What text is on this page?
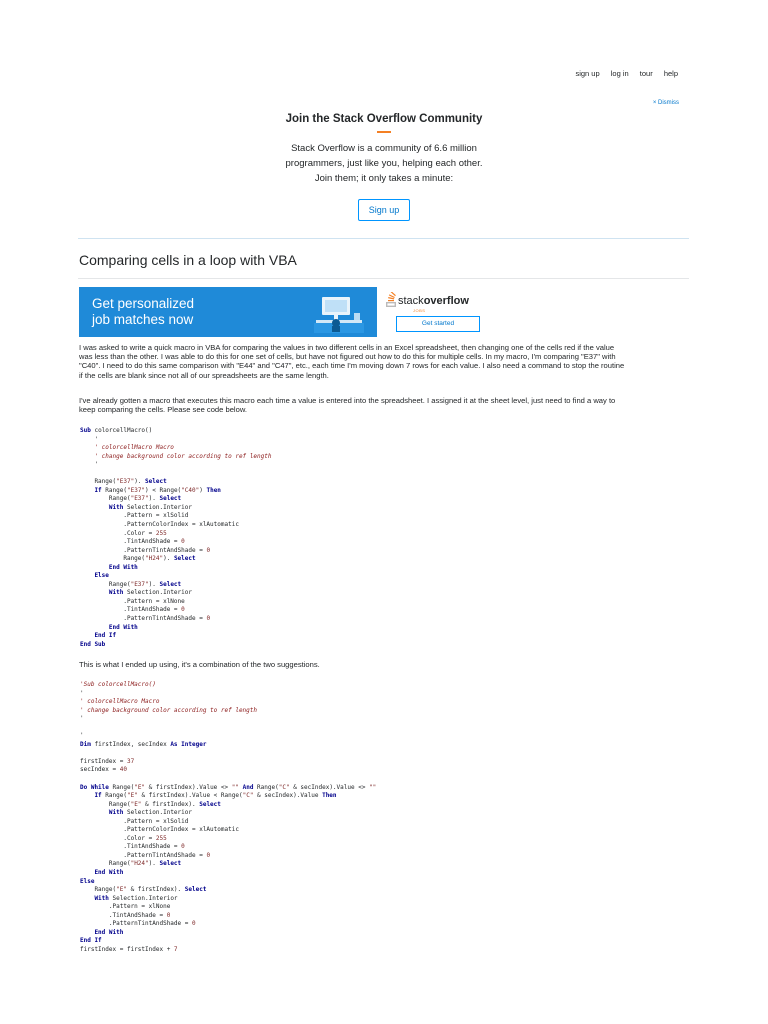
sign up log in tour help
× Dismiss
Join the Stack Overflow Community

Stack Overflow is a community of 6.6 million
programmers, just like you, helping each other.
Join them; it only takes a minute:

Sign up
Comparing cells in a loop with VBA
Get personalized
job matches now
stackoverflow
JOBS
Get started

I was asked to write a quick macro in VBA for comparing the values in two different cells in an Excel spreadsheet, then changing one of the cells red if the value was less than the other. I was able to do this for one set of cells, but have not figured out how to do this for multiple cells. In my macro, I'm comparing "E37" with "C40". I need to do this same comparison with "E44" and "C47", etc., each time I'm moving down 7 rows for each value. I also need a command to stop the routine if the cells are blank since not all of our spreadsheets are the same length.

I've already gotten a macro that executes this macro each time a value is entered into the spreadsheet. I assigned it at the sheet level, just need to find a way to keep comparing the cells. Please see code below.

Sub colorcellMacro()
'
' colorcellMacro Macro
' change background color according to ref length
'

Range("E37"). Select
If Range("E37") < Range("C40") Then
Range("E37"). Select
With Selection.Interior
.Pattern = xlSolid
.PatternColorIndex = xlAutomatic
.Color = 255
.TintAndShade = 0
.PatternTintAndShade = 0
Range("H24"). Select
End With
Else
Range("E37"). Select
With Selection.Interior
.Pattern = xlNone
.TintAndShade = 0
.PatternTintAndShade = 0
End With
End If
End Sub

This is what I ended up using, it's a combination of the two suggestions.

'Sub colorcellMacro()
'
' colorcellMacro Macro
' change background color according to ref length
'

'
Dim firstIndex, secIndex As Integer

firstIndex = 37
secIndex = 40

Do While Range("E" & firstIndex).Value <> "" And Range("C" & secIndex).Value <> ""
If Range("E" & firstIndex).Value < Range("C" & secIndex).Value Then
Range("E" & firstIndex). Select
With Selection.Interior
.Pattern = xlSolid
.PatternColorIndex = xlAutomatic
.Color = 255
.TintAndShade = 0
.PatternTintAndShade = 0
Range("H24"). Select
End With
Else
Range("E" & firstIndex). Select
With Selection.Interior
.Pattern = xlNone
.TintAndShade = 0
.PatternTintAndShade = 0
End With
End If
firstIndex = firstIndex + 7
